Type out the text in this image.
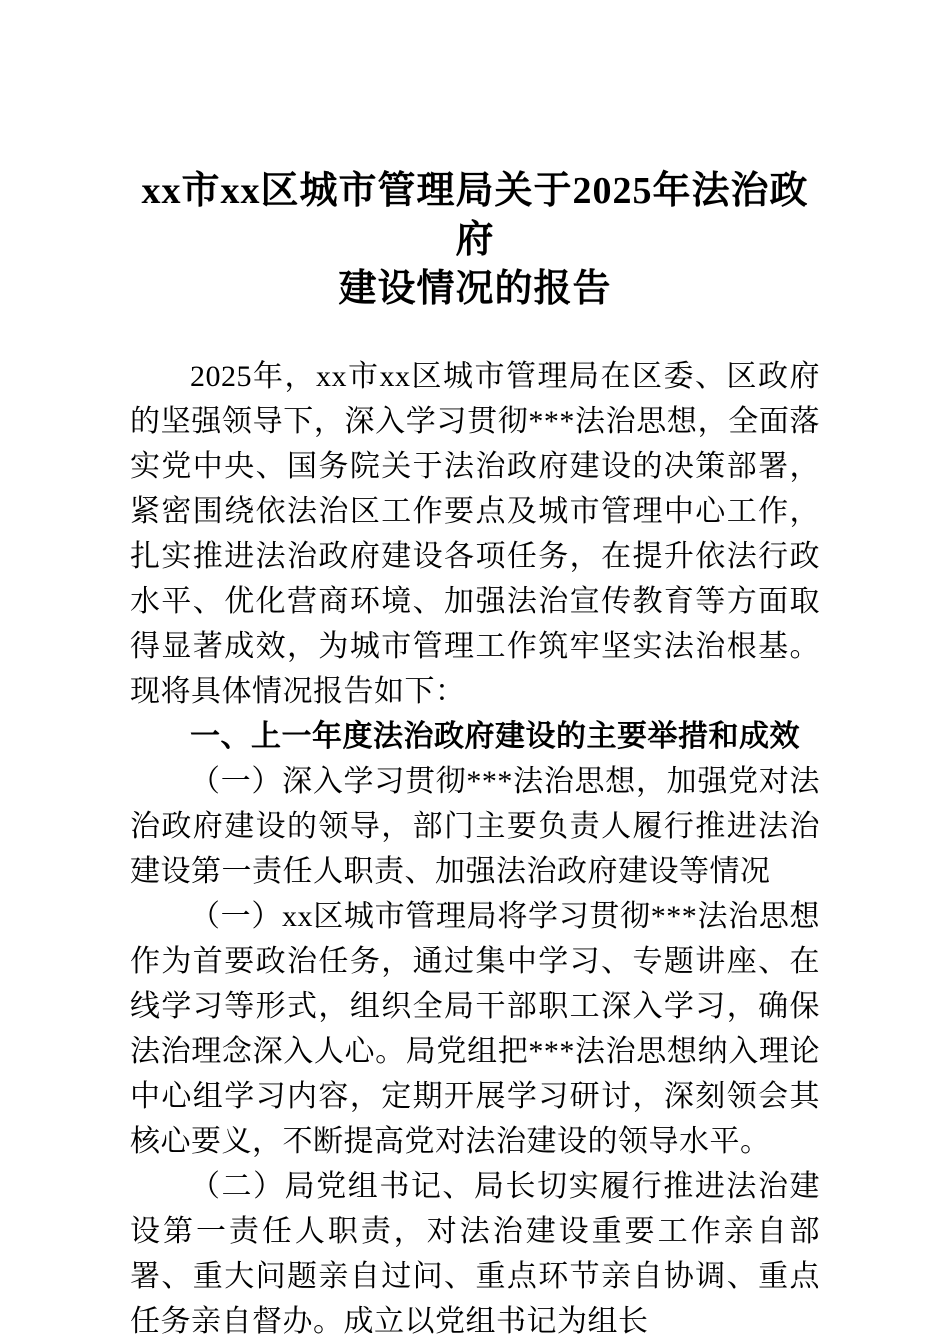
xx市xx区城市管理局关于2025年法治政府
建设情况的报告

2025年，xx市xx区城市管理局在区委、区政府的坚强领导下，深入学习贯彻***法治思想，全面落实党中央、国务院关于法治政府建设的决策部署，紧密围绕依法治区工作要点及城市管理中心工作，扎实推进法治政府建设各项任务，在提升依法行政水平、优化营商环境、加强法治宣传教育等方面取得显著成效，为城市管理工作筑牢坚实法治根基。现将具体情况报告如下：

一、上一年度法治政府建设的主要举措和成效

（一）深入学习贯彻***法治思想，加强党对法治政府建设的领导，部门主要负责人履行推进法治建设第一责任人职责、加强法治政府建设等情况

（一）xx区城市管理局将学习贯彻***法治思想作为首要政治任务，通过集中学习、专题讲座、在线学习等形式，组织全局干部职工深入学习，确保法治理念深入人心。局党组把***法治思想纳入理论中心组学习内容，定期开展学习研讨，深刻领会其核心要义，不断提高党对法治建设的领导水平。

（二）局党组书记、局长切实履行推进法治建设第一责任人职责，对法治建设重要工作亲自部署、重大问题亲自过问、重点环节亲自协调、重点任务亲自督办。成立以党组书记为组长
